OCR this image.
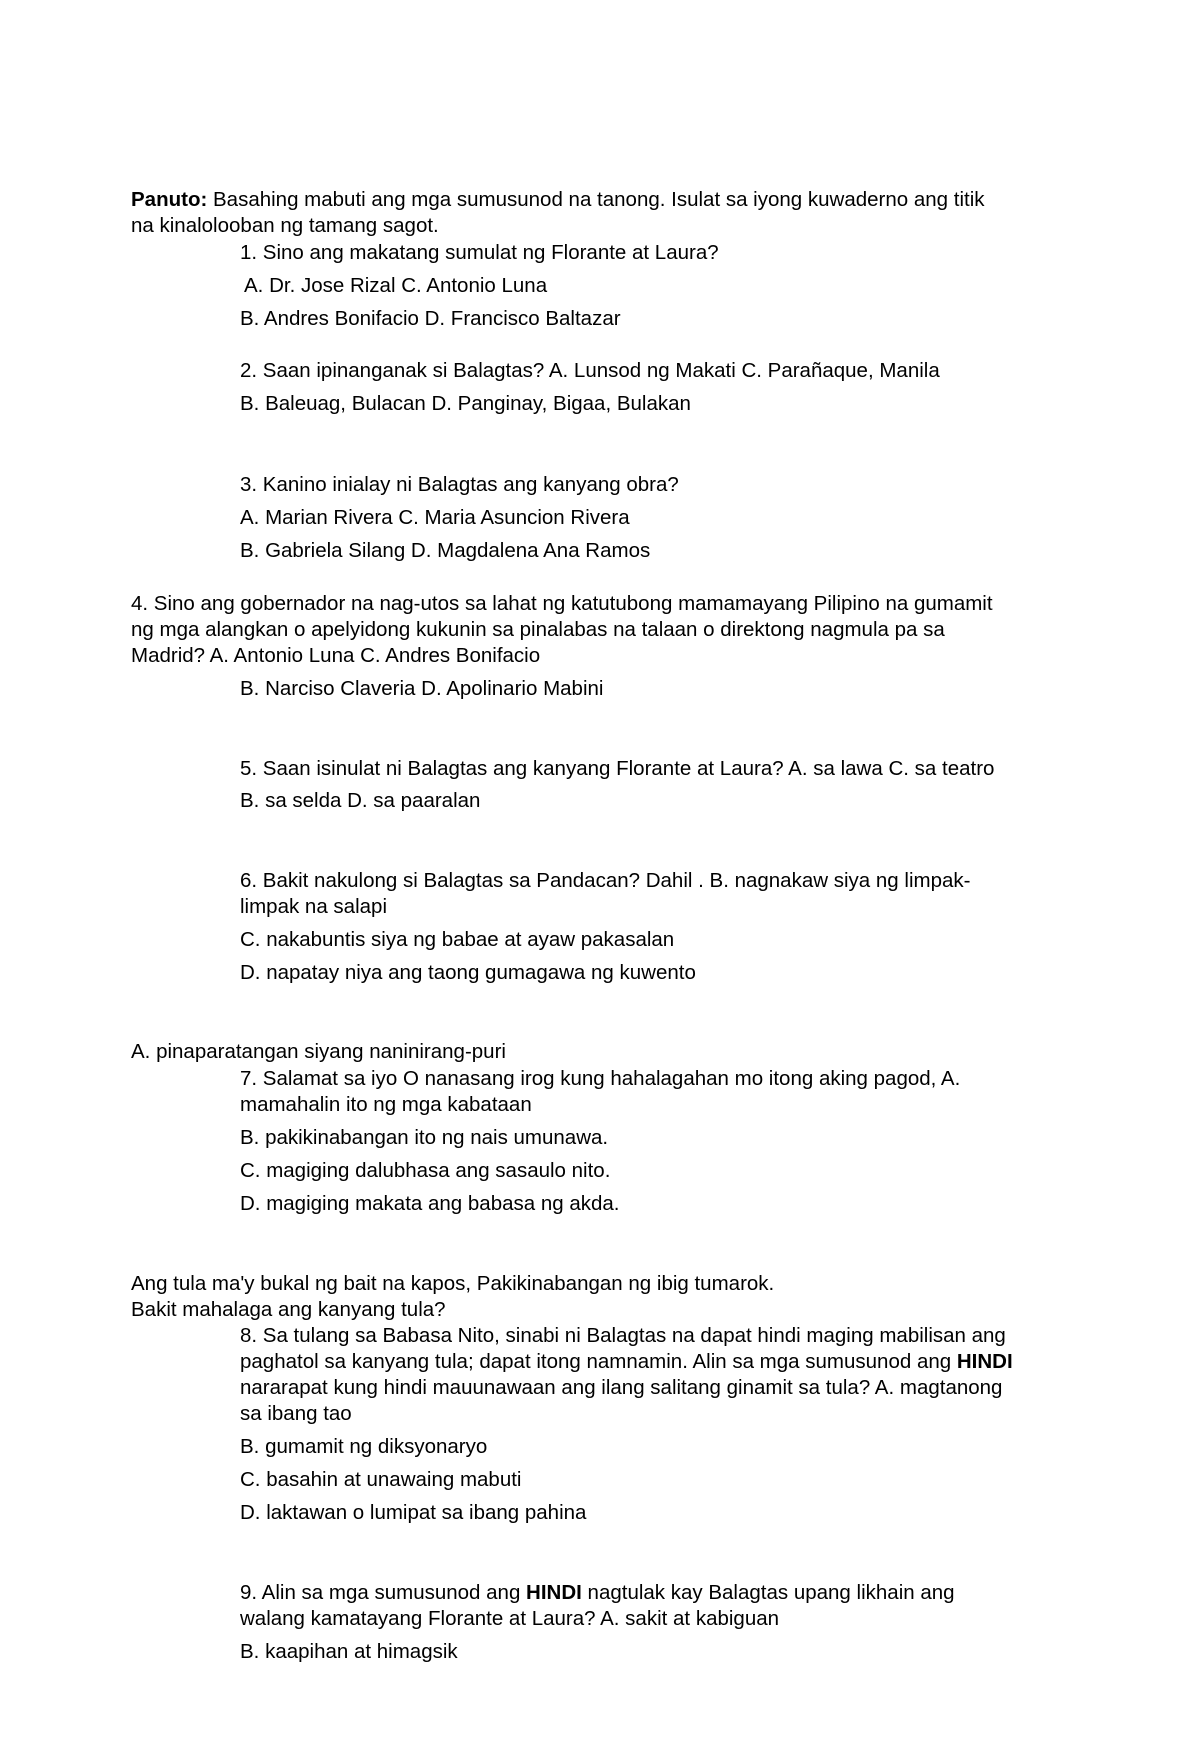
Panuto: Basahing mabuti ang mga sumusunod na tanong. Isulat sa iyong kuwaderno ang titik
na kinalolooban ng tamang sagot.
1. Sino ang makatang sumulat ng Florante at Laura?
A. Dr. Jose Rizal C. Antonio Luna
B. Andres Bonifacio D. Francisco Baltazar
2. Saan ipinanganak si Balagtas? A. Lunsod ng Makati C. Parañaque, Manila
B. Baleuag, Bulacan D. Panginay, Bigaa, Bulakan
3. Kanino inialay ni Balagtas ang kanyang obra?
A. Marian Rivera C. Maria Asuncion Rivera
B. Gabriela Silang D. Magdalena Ana Ramos
4. Sino ang gobernador na nag-utos sa lahat ng katutubong mamamayang Pilipino na gumamit
ng mga alangkan o apelyidong kukunin sa pinalabas na talaan o direktong nagmula pa sa
Madrid? A. Antonio Luna C. Andres Bonifacio
B. Narciso Claveria D. Apolinario Mabini
5. Saan isinulat ni Balagtas ang kanyang Florante at Laura? A. sa lawa C. sa teatro
B. sa selda D. sa paaralan
6. Bakit nakulong si Balagtas sa Pandacan? Dahil . B. nagnakaw siya ng limpak-
limpak na salapi
C. nakabuntis siya ng babae at ayaw pakasalan
D. napatay niya ang taong gumagawa ng kuwento
A. pinaparatangan siyang naninirang-puri
7. Salamat sa iyo O nanasang irog kung hahalagahan mo itong aking pagod, A.
mamahalin ito ng mga kabataan
B. pakikinabangan ito ng nais umunawa.
C. magiging dalubhasa ang sasaulo nito.
D. magiging makata ang babasa ng akda.
Ang tula ma'y bukal ng bait na kapos, Pakikinabangan ng ibig tumarok.
Bakit mahalaga ang kanyang tula?
8. Sa tulang sa Babasa Nito, sinabi ni Balagtas na dapat hindi maging mabilisan ang
paghatol sa kanyang tula; dapat itong namnamin. Alin sa mga sumusunod ang HINDI
nararapat kung hindi mauunawaan ang ilang salitang ginamit sa tula? A. magtanong
sa ibang tao
B. gumamit ng diksyonaryo
C. basahin at unawaing mabuti
D. laktawan o lumipat sa ibang pahina
9. Alin sa mga sumusunod ang HINDI nagtulak kay Balagtas upang likhain ang
walang kamatayang Florante at Laura? A. sakit at kabiguan
B. kaapihan at himagsik
